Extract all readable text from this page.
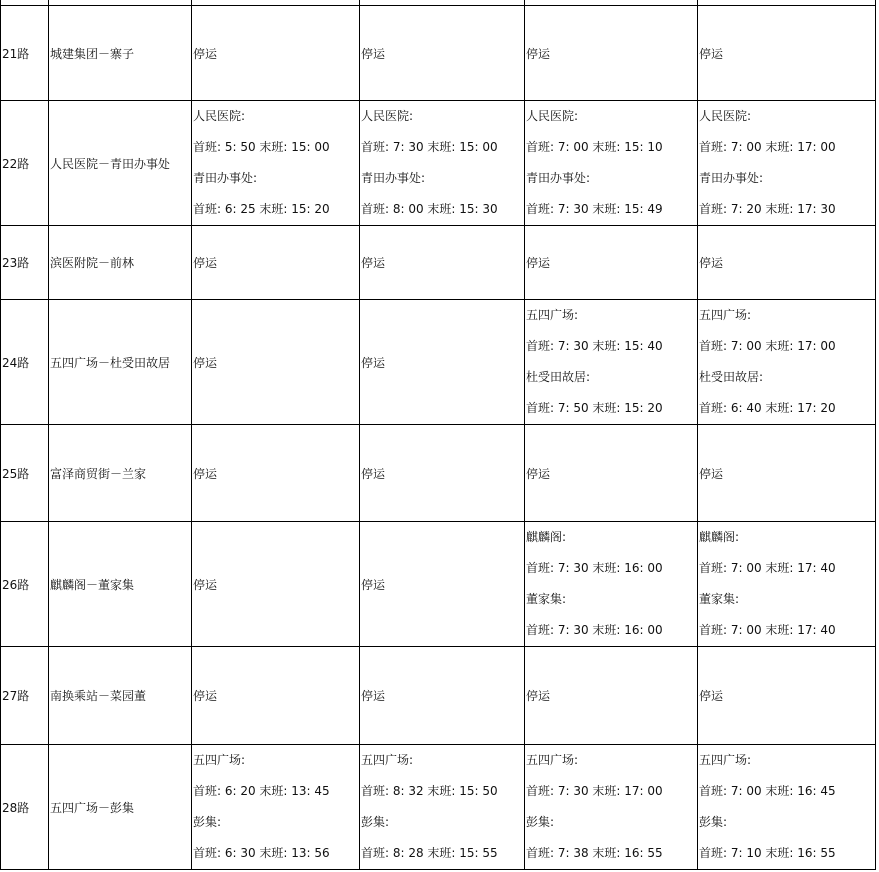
21路	城建集团－寨子	停运	停运	停运	停运
22路	人民医院－青田办事处	人民医院:
首班: 5: 50 末班: 15: 00
青田办事处:
首班: 6: 25 末班: 15: 20	人民医院:
首班: 7: 30 末班: 15: 00
青田办事处:
首班: 8: 00 末班: 15: 30	人民医院:
首班: 7: 00 末班: 15: 10
青田办事处:
首班: 7: 30 末班: 15: 49	人民医院:
首班: 7: 00 末班: 17: 00
青田办事处:
首班: 7: 20 末班: 17: 30

23路	滨医附院－前林	停运	停运	停运	停运
24路	五四广场－杜受田故居	停运	停运	五四广场:
首班: 7: 30 末班: 15: 40
杜受田故居:
首班: 7: 50 末班: 15: 20	五四广场:
首班: 7: 00 末班: 17: 00
杜受田故居:
首班: 6: 40 末班: 17: 20

25路	富泽商贸街－兰家	停运	停运	停运	停运
26路	麒麟阁－董家集	停运	停运	麒麟阁:
首班: 7: 30 末班: 16: 00
董家集:
首班: 7: 30 末班: 16: 00	麒麟阁:
首班: 7: 00 末班: 17: 40
董家集:
首班: 7: 00 末班: 17: 40

27路	南换乘站－菜园董	停运	停运	停运	停运
28路	五四广场－彭集	五四广场:
首班: 6: 20 末班: 13: 45
彭集:
首班: 6: 30 末班: 13: 56	五四广场:
首班: 8: 32 末班: 15: 50
彭集:
首班: 8: 28 末班: 15: 55	五四广场:
首班: 7: 30 末班: 17: 00
彭集:
首班: 7: 38 末班: 16: 55	五四广场:
首班: 7: 00 末班: 16: 45
彭集:
首班: 7: 10 末班: 16: 55
